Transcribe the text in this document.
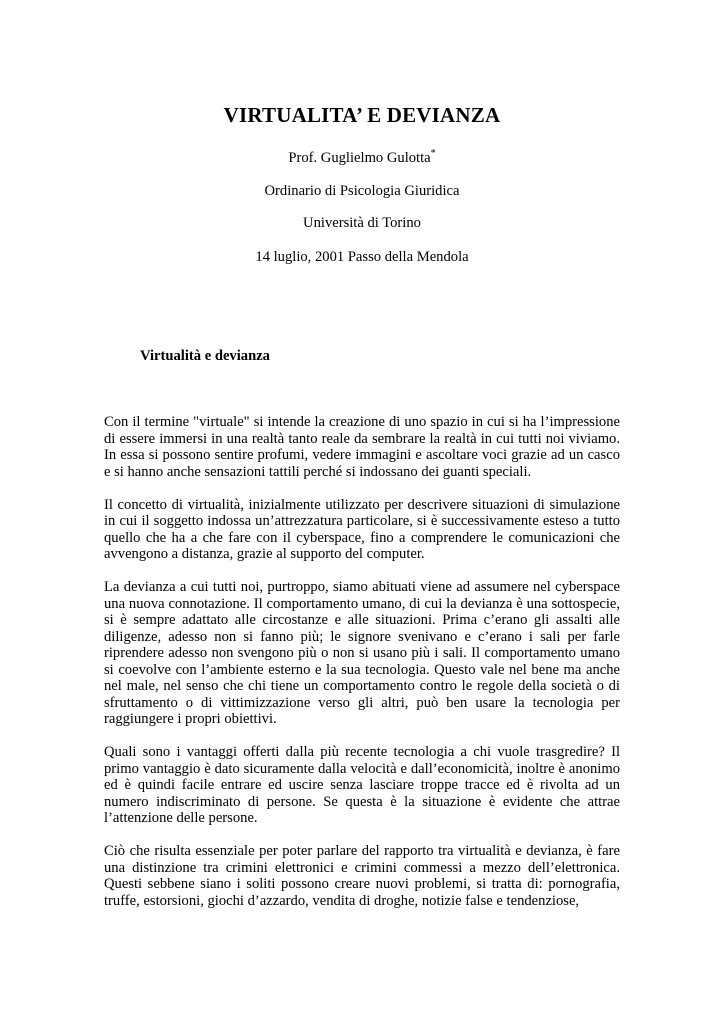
VIRTUALITA’ E DEVIANZA
Prof. Guglielmo Gulotta*
Ordinario di Psicologia Giuridica
Università di Torino
14 luglio, 2001 Passo della Mendola
Virtualità e devianza

Con il termine "virtuale" si intende la creazione di uno spazio in cui si ha l’impressione di essere immersi in una realtà tanto reale da sembrare la realtà in cui tutti noi viviamo. In essa si possono sentire profumi, vedere immagini e ascoltare voci grazie ad un casco e si hanno anche sensazioni tattili perché si indossano dei guanti speciali.

Il concetto di virtualità, inizialmente utilizzato per descrivere situazioni di simulazione in cui il soggetto indossa un’attrezzatura particolare, si è successivamente esteso a tutto quello che ha a che fare con il cyberspace, fino a comprendere le comunicazioni che avvengono a distanza, grazie al supporto del computer.

La devianza a cui tutti noi, purtroppo, siamo abituati viene ad assumere nel cyberspace una nuova connotazione. Il comportamento umano, di cui la devianza è una sottospecie, si è sempre adattato alle circostanze e alle situazioni. Prima c’erano gli assalti alle diligenze, adesso non si fanno più; le signore svenivano e c’erano i sali per farle riprendere adesso non svengono più o non si usano più i sali. Il comportamento umano si coevolve con l’ambiente esterno e la sua tecnologia. Questo vale nel bene ma anche nel male, nel senso che chi tiene un comportamento contro le regole della società o di sfruttamento o di vittimizzazione verso gli altri, può ben usare la tecnologia per raggiungere i propri obiettivi.

Quali sono i vantaggi offerti dalla più recente tecnologia a chi vuole trasgredire? Il primo vantaggio è dato sicuramente dalla velocità e dall’economicità, inoltre è anonimo ed è quindi facile entrare ed uscire senza lasciare troppe tracce ed è rivolta ad un numero indiscriminato di persone. Se questa è la situazione è evidente che attrae l’attenzione delle persone.

Ciò che risulta essenziale per poter parlare del rapporto tra virtualità e devianza, è fare una distinzione tra crimini elettronici e crimini commessi a mezzo dell’elettronica. Questi sebbene siano i soliti possono creare nuovi problemi, si tratta di: pornografia, truffe, estorsioni, giochi d’azzardo, vendita di droghe, notizie false e tendenziose,
